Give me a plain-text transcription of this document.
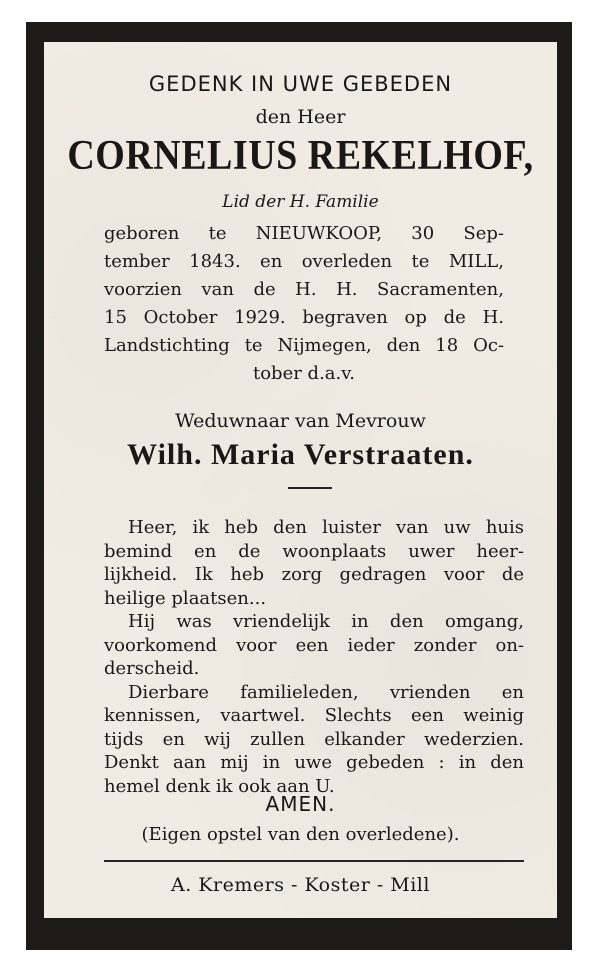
GEDENK IN UWE GEBEDEN
den Heer
CORNELIUS REKELHOF,
Lid der H. Familie
geboren te NIEUWKOOP, 30 Sep-
tember 1843. en overleden te MILL,
voorzien van de H. H. Sacramenten,
15 October 1929. begraven op de H.
Landstichting te Nijmegen, den 18 Oc-
tober d.a.v.
Weduwnaar van Mevrouw
Wilh. Maria Verstraaten.
Heer, ik heb den luister van uw huis
bemind en de woonplaats uwer heer-
lijkheid. Ik heb zorg gedragen voor de
heilige plaatsen...
Hij was vriendelijk in den omgang,
voorkomend voor een ieder zonder on-
derscheid.
Dierbare familieleden, vrienden en
kennissen, vaartwel. Slechts een weinig
tijds en wij zullen elkander wederzien.
Denkt aan mij in uwe gebeden : in den
hemel denk ik ook aan U.
AMEN.
(Eigen opstel van den overledene).
A. Kremers - Koster - Mill
